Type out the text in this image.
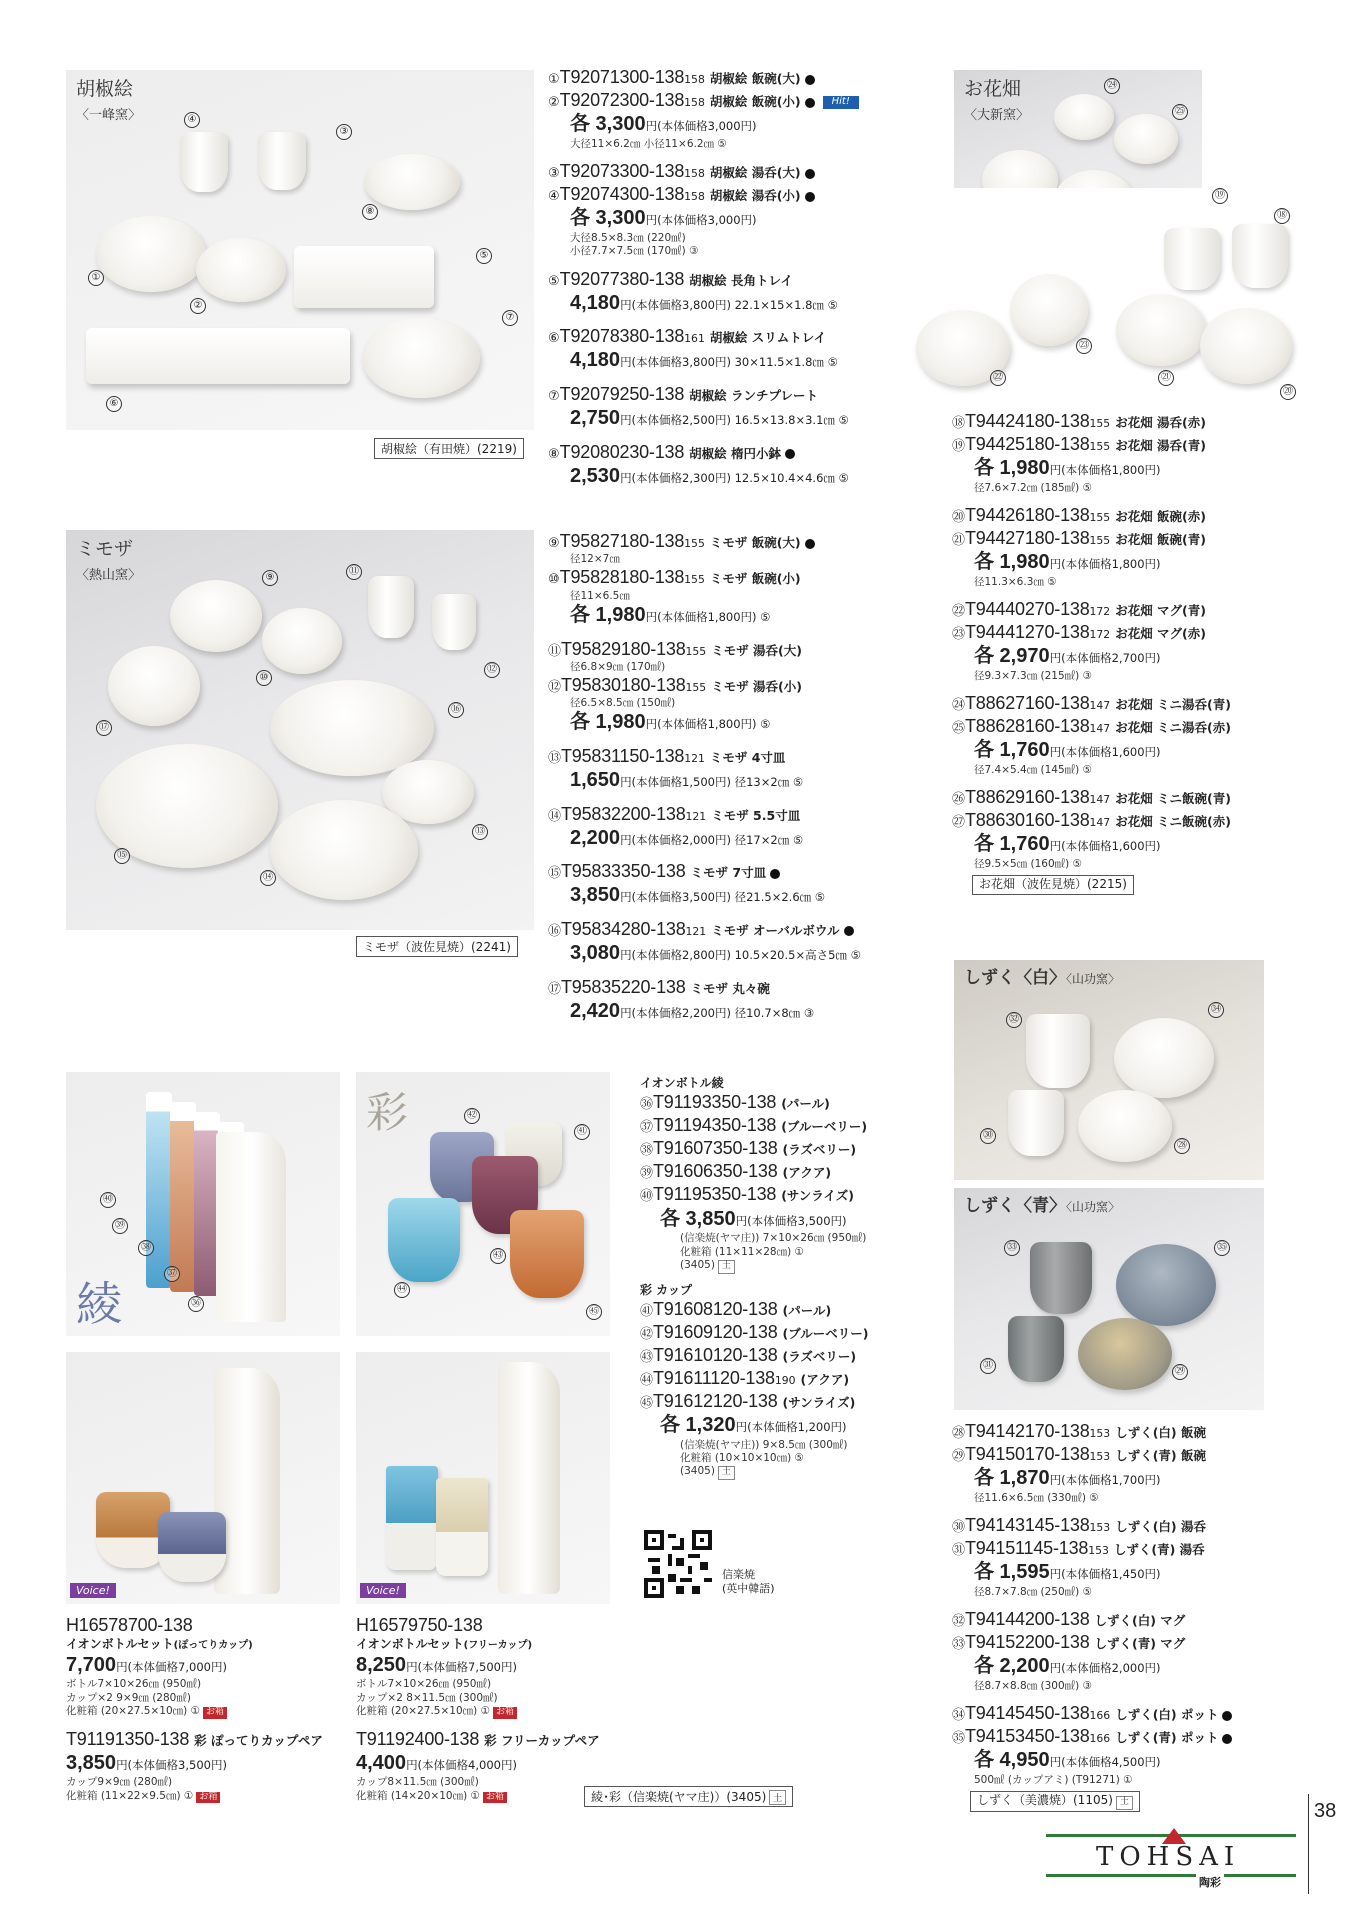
胡椒絵
〈一峰窯〉	④
③
⑧
①
②
⑤
⑦
⑥
胡椒絵（有田焼）(2219)
ミモザ
〈熱山窯〉	⑨
⑪
⑩
⑫
⑯
⑰
⑬
⑮
⑭
ミモザ（波佐見焼）(2241)
①T92071300-138158 胡椒絵 飯碗(大)
②T92072300-138158 胡椒絵 飯碗(小)	Hit!
各 3,300円(本体価格3,000円)
大径11×6.2㎝ 小径11×6.2㎝ ⑤
③T92073300-138158 胡椒絵 湯呑(大)
④T92074300-138158 胡椒絵 湯呑(小)
各 3,300円(本体価格3,000円)
大径8.5×8.3㎝ (220㎖)
小径7.7×7.5㎝ (170㎖) ③
⑤T92077380-138 胡椒絵 長角トレイ
4,180円(本体価格3,800円) 22.1×15×1.8㎝ ⑤
⑥T92078380-138161 胡椒絵 スリムトレイ
4,180円(本体価格3,800円) 30×11.5×1.8㎝ ⑤
⑦T92079250-138 胡椒絵 ランチプレート
2,750円(本体価格2,500円) 16.5×13.8×3.1㎝ ⑤
⑧T92080230-138 胡椒絵 楕円小鉢
2,530円(本体価格2,300円) 12.5×10.4×4.6㎝ ⑤
⑨T95827180-138155 ミモザ 飯碗(大)
径12×7㎝
⑩T95828180-138155 ミモザ 飯碗(小)
径11×6.5㎝
各 1,980円(本体価格1,800円) ⑤
⑪T95829180-138155 ミモザ 湯呑(大)
径6.8×9㎝ (170㎖)
⑫T95830180-138155 ミモザ 湯呑(小)
径6.5×8.5㎝ (150㎖)
各 1,980円(本体価格1,800円) ⑤
⑬T95831150-138121 ミモザ 4寸皿
1,650円(本体価格1,500円) 径13×2㎝ ⑤
⑭T95832200-138121 ミモザ 5.5寸皿
2,200円(本体価格2,000円) 径17×2㎝ ⑤
⑮T95833350-138 ミモザ 7寸皿
3,850円(本体価格3,500円) 径21.5×2.6㎝ ⑤
⑯T95834280-138121 ミモザ オーバルボウル
3,080円(本体価格2,800円) 10.5×20.5×高さ5㎝ ⑤
⑰T95835220-138 ミモザ 丸々碗
2,420円(本体価格2,200円) 径10.7×8㎝ ③
お花畑
〈大新窯〉
㉔
㉕
⑲
⑱
㉓
㉒	㉑
⑳
⑱T94424180-138155 お花畑 湯呑(赤)
⑲T94425180-138155 お花畑 湯呑(青)
各 1,980円(本体価格1,800円)
径7.6×7.2㎝ (185㎖) ⑤
⑳T94426180-138155 お花畑 飯碗(赤)
㉑T94427180-138155 お花畑 飯碗(青)
各 1,980円(本体価格1,800円)
径11.3×6.3㎝ ⑤
㉒T94440270-138172 お花畑 マグ(青)
㉓T94441270-138172 お花畑 マグ(赤)
各 2,970円(本体価格2,700円)
径9.3×7.3㎝ (215㎖) ③
㉔T88627160-138147 お花畑 ミニ湯呑(青)
㉕T88628160-138147 お花畑 ミニ湯呑(赤)
各 1,760円(本体価格1,600円)
径7.4×5.4㎝ (145㎖) ⑤
㉖T88629160-138147 お花畑 ミニ飯碗(青)
㉗T88630160-138147 お花畑 ミニ飯碗(赤)
各 1,760円(本体価格1,600円)
径9.5×5㎝ (160㎖) ⑤
お花畑（波佐見焼）(2215)
しずく〈白〉〈山功窯〉
㉜
㉞
㉚
㉘
しずく〈青〉〈山功窯〉
㉝	㉟
㉛
㉙
㉘T94142170-138153 しずく(白) 飯碗
㉙T94150170-138153 しずく(青) 飯碗
各 1,870円(本体価格1,700円)
径11.6×6.5㎝ (330㎖) ⑤
㉚T94143145-138153 しずく(白) 湯呑
㉛T94151145-138153 しずく(青) 湯呑
各 1,595円(本体価格1,450円)
径8.7×7.8㎝ (250㎖) ⑤
㉜T94144200-138 しずく(白) マグ
㉝T94152200-138 しずく(青) マグ
各 2,200円(本体価格2,000円)
径8.7×8.8㎝ (300㎖) ③
㉞T94145450-138166 しずく(白) ポット
㉟T94153450-138166 しずく(青) ポット
各 4,950円(本体価格4,500円)
500㎖ (カップアミ) (T91271) ①
しずく（美濃焼）(1105) 土
綾
㊵
㊴
㊳
㊲
㊱
彩	㊷
㊶
㊸
㊹
㊺
イオンボトル綾
㊱T91193350-138 (パール)
㊲T91194350-138 (ブルーベリー)
㊳T91607350-138 (ラズベリー)
㊴T91606350-138 (アクア)
㊵T91195350-138 (サンライズ)
各 3,850円(本体価格3,500円)
(信楽焼(ヤマ庄)) 7×10×26㎝ (950㎖)
化粧箱 (11×11×28㎝) ①
(3405) 土
彩 カップ
㊶T91608120-138 (パール)
㊷T91609120-138 (ブルーベリー)
㊸T91610120-138 (ラズベリー)
㊹T91611120-138190 (アクア)
㊺T91612120-138 (サンライズ)
各 1,320円(本体価格1,200円)
(信楽焼(ヤマ庄)) 9×8.5㎝ (300㎖)
化粧箱 (10×10×10㎝) ⑤
(3405) 土
信楽焼
(英中韓語)
Voice!	Voice!
H16578700-138
イオンボトルセット(ぽってりカップ)
7,700円(本体価格7,000円)
ボトル7×10×26㎝ (950㎖)
カップ×2 9×9㎝ (280㎖)
化粧箱 (20×27.5×10㎝) ① お箱
T91191350-138 彩 ぽってりカップペア
3,850円(本体価格3,500円)
カップ9×9㎝ (280㎖)
化粧箱 (11×22×9.5㎝) ① お箱
H16579750-138
イオンボトルセット(フリーカップ)
8,250円(本体価格7,500円)
ボトル7×10×26㎝ (950㎖)
カップ×2 8×11.5㎝ (300㎖)
化粧箱 (20×27.5×10㎝) ① お箱
T91192400-138 彩 フリーカップペア
4,400円(本体価格4,000円)
カップ8×11.5㎝ (300㎖)
化粧箱 (14×20×10㎝) ① お箱	綾･彩（信楽焼(ヤマ庄)）(3405) 土
TOHSAI
陶彩
38
